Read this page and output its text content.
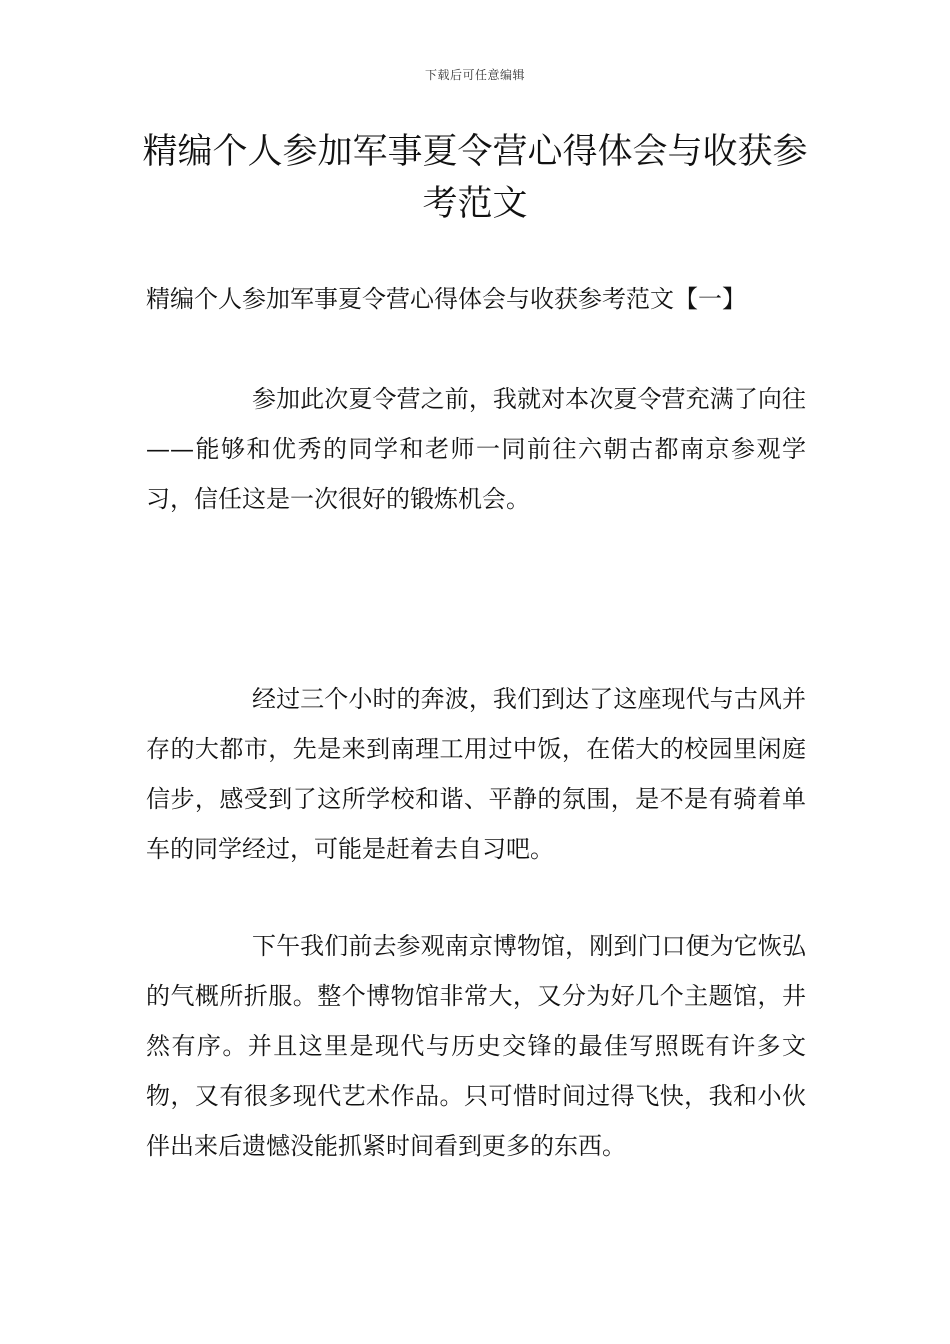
下载后可任意编辑
精编个人参加军事夏令营心得体会与收获参考范文
精编个人参加军事夏令营心得体会与收获参考范文【一】

参加此次夏令营之前，我就对本次夏令营充满了向往——能够和优秀的同学和老师一同前往六朝古都南京参观学习，信任这是一次很好的锻炼机会。

经过三个小时的奔波，我们到达了这座现代与古风并存的大都市，先是来到南理工用过中饭，在偌大的校园里闲庭信步，感受到了这所学校和谐、平静的氛围，是不是有骑着单车的同学经过，可能是赶着去自习吧。

下午我们前去参观南京博物馆，刚到门口便为它恢弘的气概所折服。整个博物馆非常大，又分为好几个主题馆，井然有序。并且这里是现代与历史交锋的最佳写照既有许多文物，又有很多现代艺术作品。只可惜时间过得飞快，我和小伙伴出来后遗憾没能抓紧时间看到更多的东西。
